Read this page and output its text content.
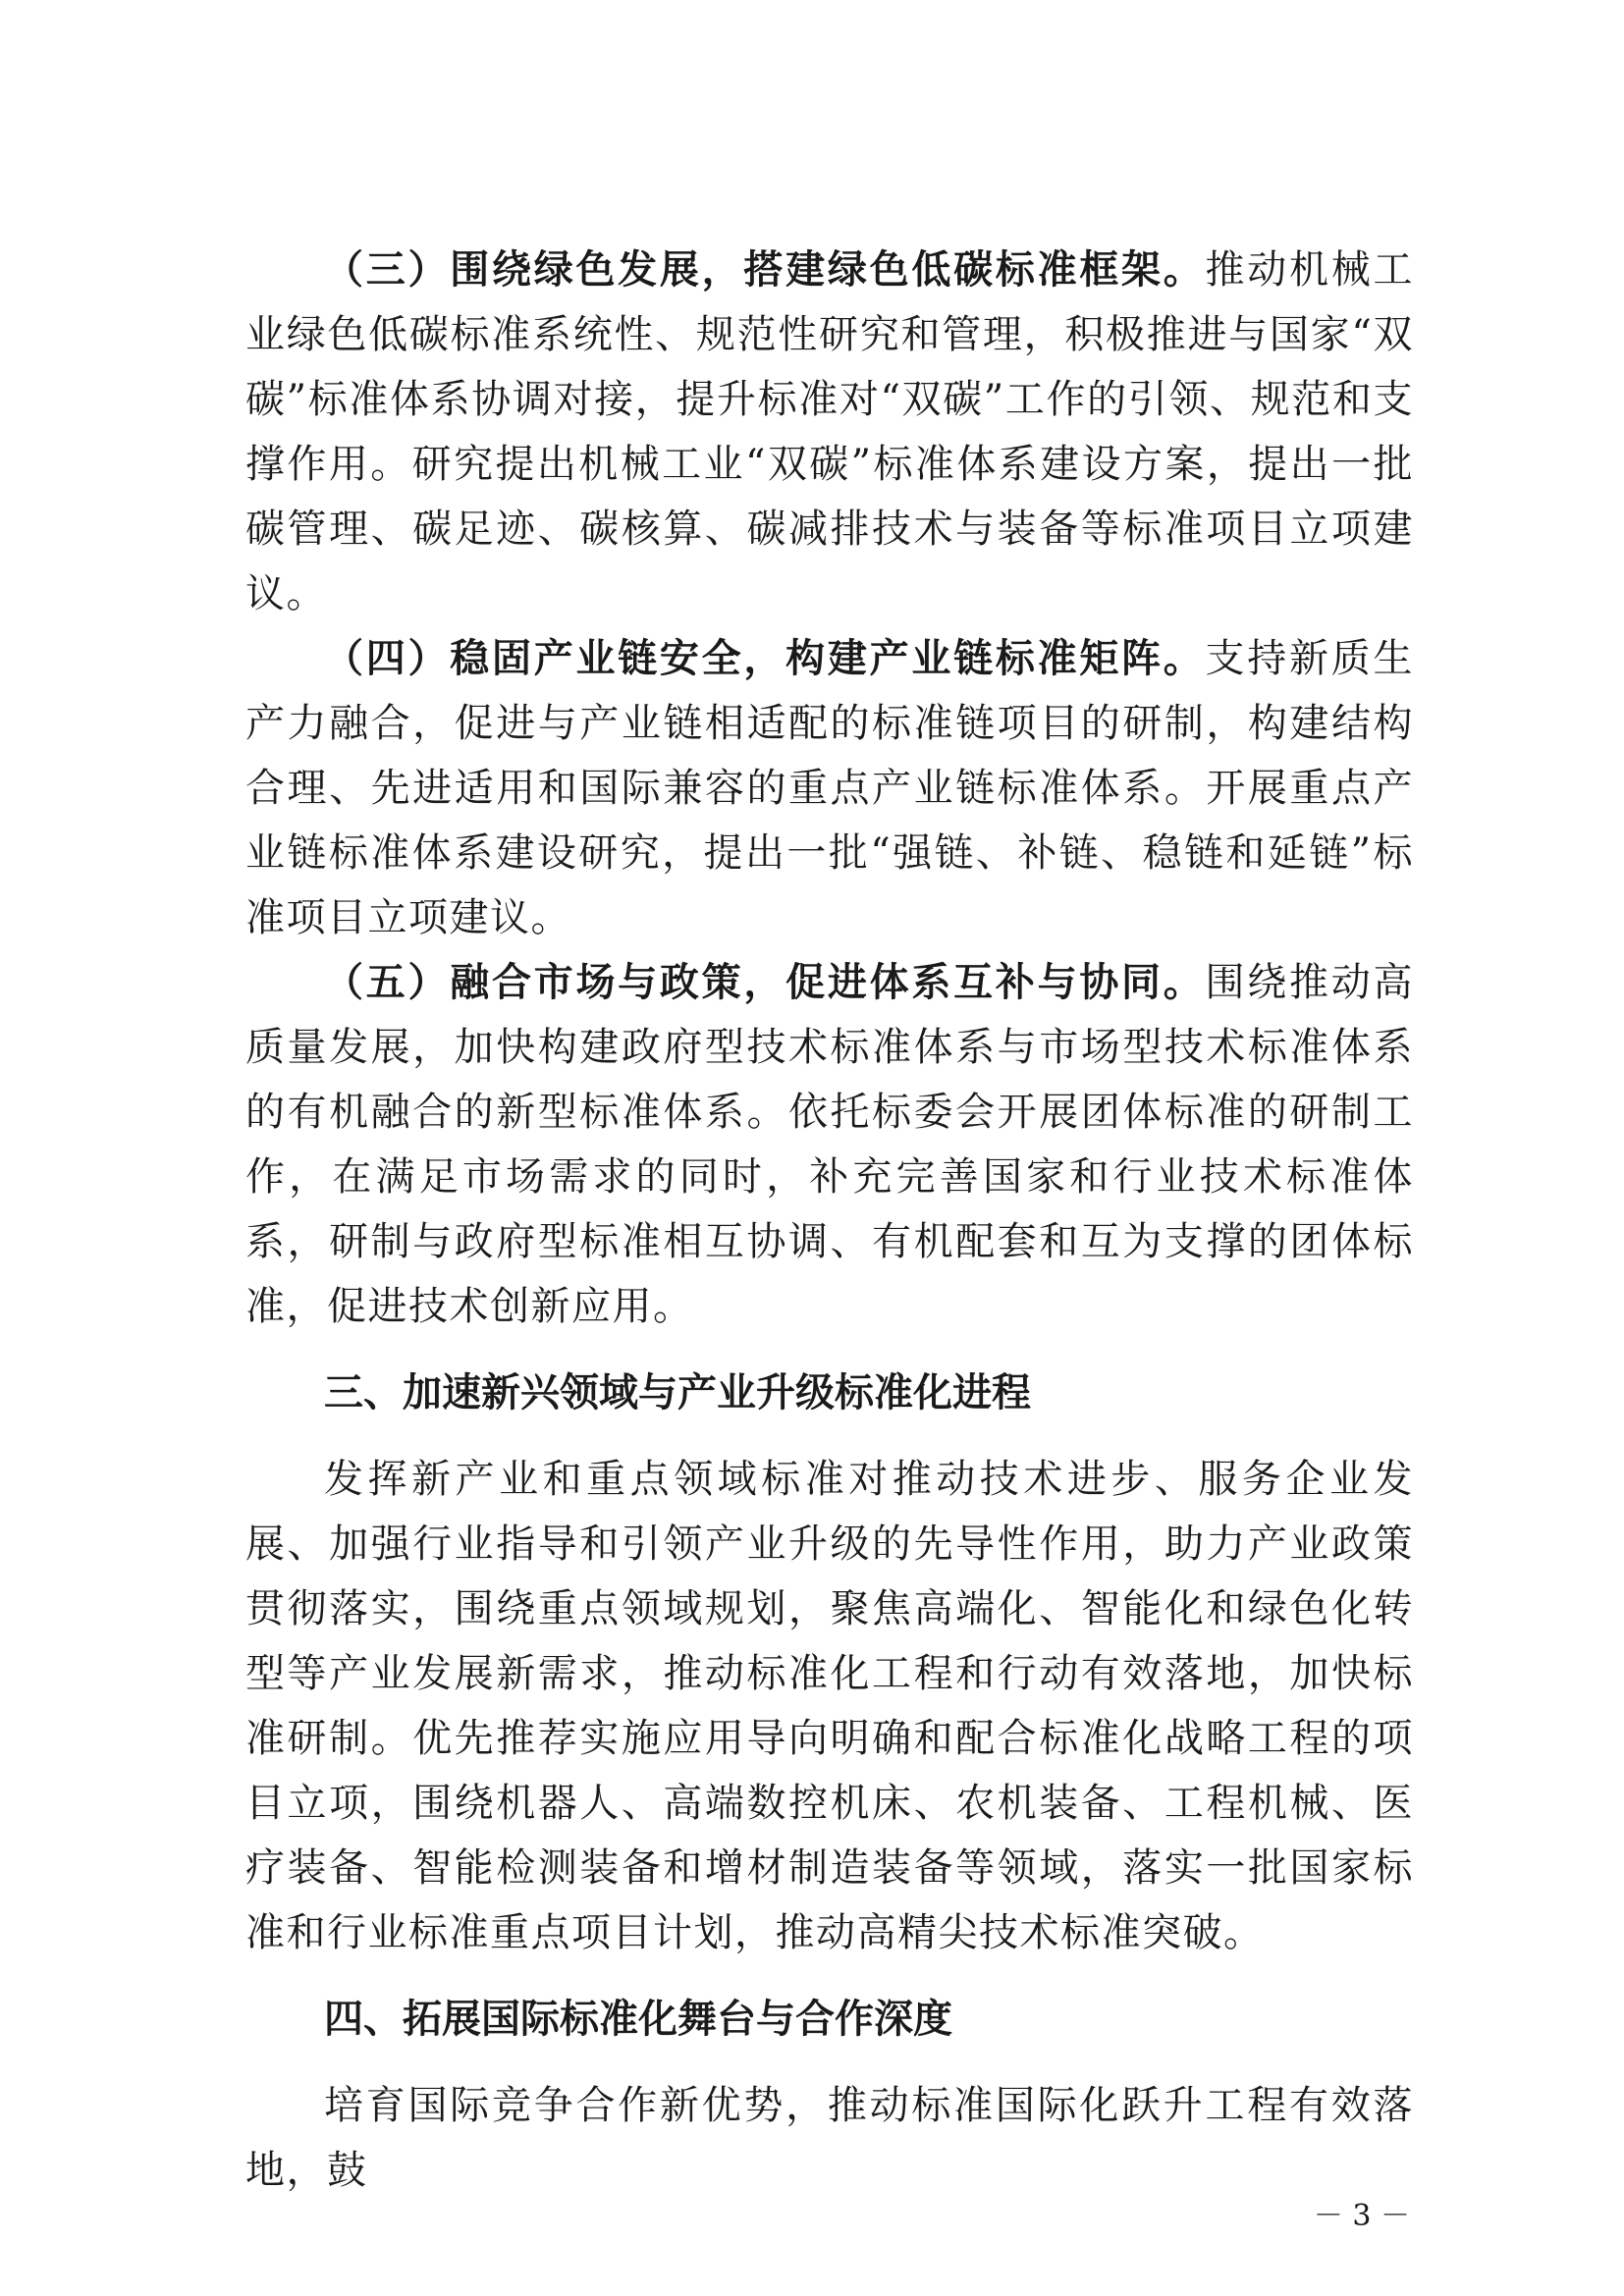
（三）围绕绿色发展，搭建绿色低碳标准框架。推动机械工业绿色低碳标准系统性、规范性研究和管理，积极推进与国家“双碳”标准体系协调对接，提升标准对“双碳”工作的引领、规范和支撑作用。研究提出机械工业“双碳”标准体系建设方案，提出一批碳管理、碳足迹、碳核算、碳减排技术与装备等标准项目立项建议。

（四）稳固产业链安全，构建产业链标准矩阵。支持新质生产力融合，促进与产业链相适配的标准链项目的研制，构建结构合理、先进适用和国际兼容的重点产业链标准体系。开展重点产业链标准体系建设研究，提出一批“强链、补链、稳链和延链”标准项目立项建议。

（五）融合市场与政策，促进体系互补与协同。围绕推动高质量发展，加快构建政府型技术标准体系与市场型技术标准体系的有机融合的新型标准体系。依托标委会开展团体标准的研制工作，在满足市场需求的同时，补充完善国家和行业技术标准体系，研制与政府型标准相互协调、有机配套和互为支撑的团体标准，促进技术创新应用。

三、加速新兴领域与产业升级标准化进程

发挥新产业和重点领域标准对推动技术进步、服务企业发展、加强行业指导和引领产业升级的先导性作用，助力产业政策贯彻落实，围绕重点领域规划，聚焦高端化、智能化和绿色化转型等产业发展新需求，推动标准化工程和行动有效落地，加快标准研制。优先推荐实施应用导向明确和配合标准化战略工程的项目立项，围绕机器人、高端数控机床、农机装备、工程机械、医疗装备、智能检测装备和增材制造装备等领域，落实一批国家标准和行业标准重点项目计划，推动高精尖技术标准突破。

四、拓展国际标准化舞台与合作深度

培育国际竞争合作新优势，推动标准国际化跃升工程有效落地，鼓

－ 3 －
